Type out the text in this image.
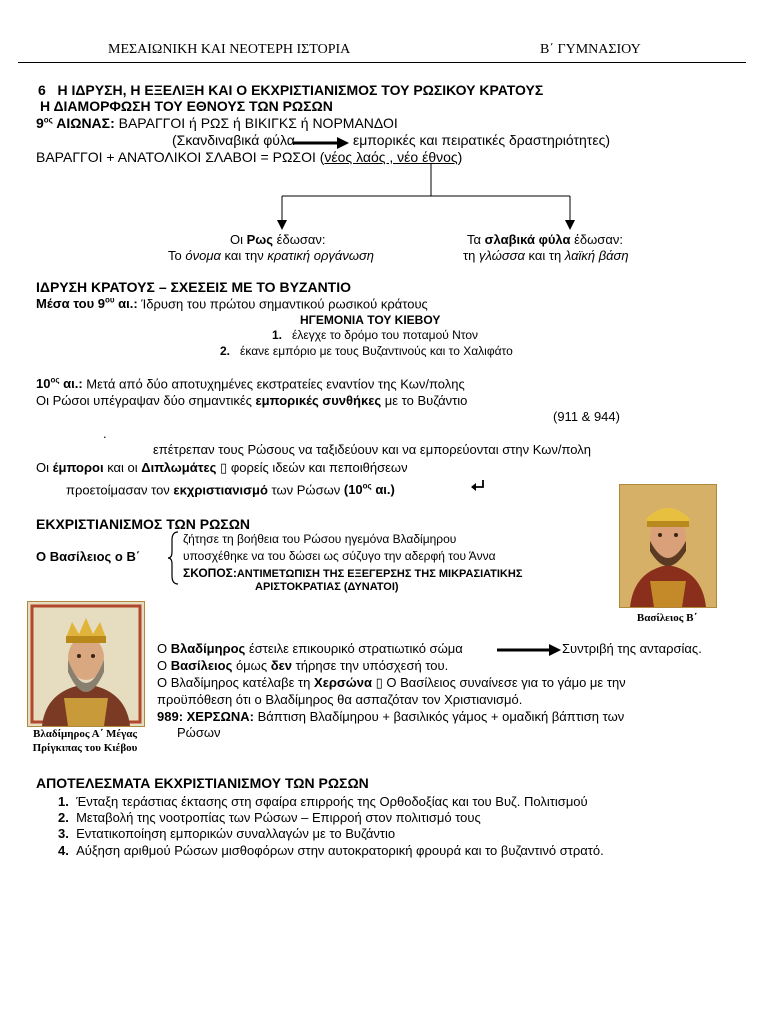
ΜΕΣΑΙΩΝΙΚΗ ΚΑΙ ΝΕΟΤΕΡΗ ΙΣΤΟΡΙΑ	Β΄ ΓΥΜΝΑΣΙΟΥ
6 Η ΙΔΡΥΣΗ, Η ΕΞΕΛΙΞΗ ΚΑΙ Ο ΕΚΧΡΙΣΤΙΑΝΙΣΜΟΣ ΤΟΥ ΡΩΣΙΚΟΥ ΚΡΑΤΟΥΣ
Η ΔΙΑΜΟΡΦΩΣΗ ΤΟΥ ΕΘΝΟΥΣ ΤΩΝ ΡΩΣΩΝ
$9^{o\varsigma}$ ΑΙΩΝΑΣ: ΒΑΡΑΓΓΟΙ ή ΡΩΣ ή ΒΙΚΙΓΚΣ ή ΝΟΡΜΑΝΔΟΙ
(Σκανδιναβικά φύλα	εμπορικές και πειρατικές δραστηριότητες)
ΒΑΡΑΓΓΟΙ + ΑΝΑΤΟΛΙΚΟΙ ΣΛΑΒΟΙ = ΡΩΣΟΙ (νέος λαός , νέο έθνος)
Οι Ρως έδωσαν:
Το όνομα και την κρατική οργάνωση
Τα σλαβικά φύλα έδωσαν:
τη γλώσσα και τη λαϊκή βάση
ΙΔΡΥΣΗ ΚΡΑΤΟΥΣ – ΣΧΕΣΕΙΣ ΜΕ ΤΟ ΒΥΖΑΝΤΙΟ
Μέσα του $9^{o\upsilon}$ αι.: Ίδρυση του πρώτου σημαντικού ρωσικού κράτους
ΗΓΕΜΟΝΙΑ ΤΟΥ ΚΙΕΒΟΥ
1. έλεγχε το δρόμο του ποταμού Ντον
2. έκανε εμπόριο με τους Βυζαντινούς και το Χαλιφάτο
$10^{o\varsigma}$ αι.: Μετά από δύο αποτυχημένες εκστρατείες εναντίον της Κων/πολης
Οι Ρώσοι υπέγραψαν δύο σημαντικές εμπορικές συνθήκες με το Βυζάντιο
(911 & 944)
.
επέτρεπαν τους Ρώσους να ταξιδεύουν και να εμπορεύονται στην Κων/πολη
Οι έμποροι και οι Διπλωμάτες ▯ φορείς ιδεών και πεποιθήσεων
προετοίμασαν τον εκχριστιανισμό των Ρώσων ($10^{o\varsigma}$ αι.)
ΕΚΧΡΙΣΤΙΑΝΙΣΜΟΣ ΤΩΝ ΡΩΣΩΝ
Ο Βασίλειος ο Β΄
ζήτησε τη βοήθεια του Ρώσου ηγεμόνα Βλαδίμηρου
υποσχέθηκε να του δώσει ως σύζυγο την αδερφή του Άννα
ΣΚΟΠΟΣ:ΑΝΤΙΜΕΤΩΠΙΣΗ ΤΗΣ ΕΞΕΓΕΡΣΗΣ ΤΗΣ ΜΙΚΡΑΣΙΑΤΙΚΗΣ
ΑΡΙΣΤΟΚΡΑΤΙΑΣ (ΔΥΝΑΤΟΙ)
Βασίλειος Β΄
Βλαδίμηρος Α΄ Μέγας
Πρίγκιπας του Κιέβου
Ο Βλαδίμηρος έστειλε επικουρικό στρατιωτικό σώμα	Συντριβή της ανταρσίας.
Ο Βασίλειος όμως δεν τήρησε την υπόσχεσή του.
Ο Βλαδίμηρος κατέλαβε τη Χερσώνα ▯ Ο Βασίλειος συναίνεσε για το γάμο με την
προϋπόθεση ότι ο Βλαδίμηρος θα ασπαζόταν τον Χριστιανισμό.
989: ΧΕΡΣΩΝΑ: Βάπτιση Βλαδίμηρου + βασιλικός γάμος + ομαδική βάπτιση των
Ρώσων
ΑΠΟΤΕΛΕΣΜΑΤΑ ΕΚΧΡΙΣΤΙΑΝΙΣΜΟΥ ΤΩΝ ΡΩΣΩΝ
1. Ένταξη τεράστιας έκτασης στη σφαίρα επιρροής της Ορθοδοξίας και του Βυζ. Πολιτισμού
2. Μεταβολή της νοοτροπίας των Ρώσων – Επιρροή στον πολιτισμό τους
3. Εντατικοποίηση εμπορικών συναλλαγών με το Βυζάντιο
4. Αύξηση αριθμού Ρώσων μισθοφόρων στην αυτοκρατορική φρουρά και το βυζαντινό στρατό.
